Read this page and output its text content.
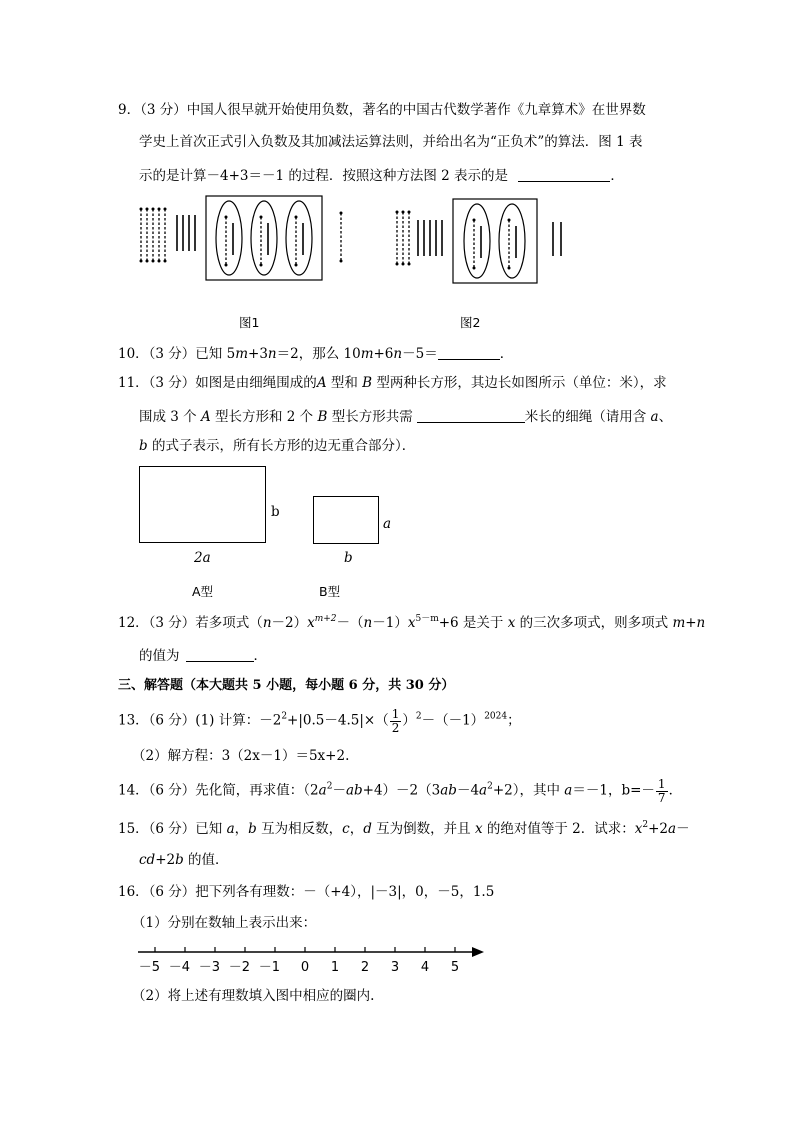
9．（3 分）中国人很早就开始使用负数，著名的中国古代数学著作《九章算术》在世界数
学史上首次正式引入负数及其加减法运算法则，并给出名为“正负术”的算法．图 1 表
示的是计算－4+3＝－1 的过程．按照这种方法图 2 表示的是	．
图1	图2
10．（3 分）已知 5m+3n＝2，那么 10m+6n－5＝	．
11．（3 分）如图是由细绳围成的A 型和 B 型两种长方形，其边长如图所示（单位：米），求
围成 3 个 A 型长方形和 2 个 B 型长方形共需	米长的细绳（请用含 a、
b 的式子表示，所有长方形的边无重合部分）．
b
2a
a
b
A型	B型
12．（3 分）若多项式$(n-2)x^{m+2}-(n-1)x^{5-m}+6$ 是关于 x 的三次多项式，则多项式 m+n
的值为	．
三、解答题（本大题共 5 小题，每小题 6 分，共 30 分）
13．（6 分）(1) 计算：$-2^2+|0.5-4.5|\times( \frac{1}{2} )^2-(-1)^{2024}$；
（2）解方程：3（2x－1）＝5x+2.
14．（6 分）先化简，再求值：$(2a^2-ab+4)-2(3ab-4a^2+2)$，其中 a＝－1，$b=- \frac{1}{7}$ ．
15．（6 分）已知 a，b 互为相反数，c，d 互为倒数，并且 x 的绝对值等于 2．试求：$x^2+2a-$
cd+2b 的值．
16．（6 分）把下列各有理数：－（+4），|－3|，0，－5，1.5
（1）分别在数轴上表示出来：
－5 －4 －3 －2 －1 0 1 2 3 4 5
（2）将上述有理数填入图中相应的圈内.
